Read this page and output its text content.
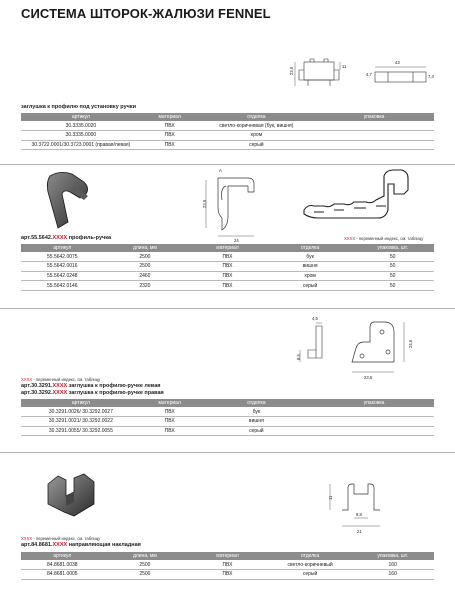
СИСТЕМА ШТОРОК-ЖАЛЮЗИ FENNEL
23,5
11
43
4,7	7,4
заглушка к профилю под установку ручки
артикул	материал	отделка	упаковка
30.3335.0020	ПВХ	светло-коричневая (бук, вишня)	
30.3335.0000	ПВХ	хром	
30.3722.0001/30.3723.0001 (правая/левая)	ПВХ	серый	
A
23,5
24	XXXX - переменный индекс, см. таблицу
арт.55.5642.XXXX профиль-ручка
артикул	длина, мм	материал	отделка	упаковка, шт.
55.5642.0075	2500	ПВХ	бук	50
55.5642.0016	2500	ПВХ	вишня	50
55.5642.0248	2460	ПВХ	хром	50
55.5642.0146	2320	ПВХ	серый	50
4,5
8,5
24,5
23,5
XXXX - переменный индекс, см. таблицу
арт.30.3291.XXXX заглушка к профилю-ручке левая
арт.30.3292.XXXX заглушка к профилю-ручке правая
артикул	материал	отделка	упаковка
30.3291.0026/ 30.3292.0027	ПВХ	бук	
30.3291.0021/ 30.3292.0022	ПВХ	вишня	
30.3291.0055/ 30.3292.0055	ПВХ	серый	
11
8,8
21
XXXX - переменный индекс, см. таблицу
арт.84.8681.XXXX направляющая накладная
артикул	длина, мм	материал	отделка	упаковка, шт.
84.8681.0038	2500	ПВХ	светло-коричневый	160
84.8681.0005	2500	ПВХ	серый	160
